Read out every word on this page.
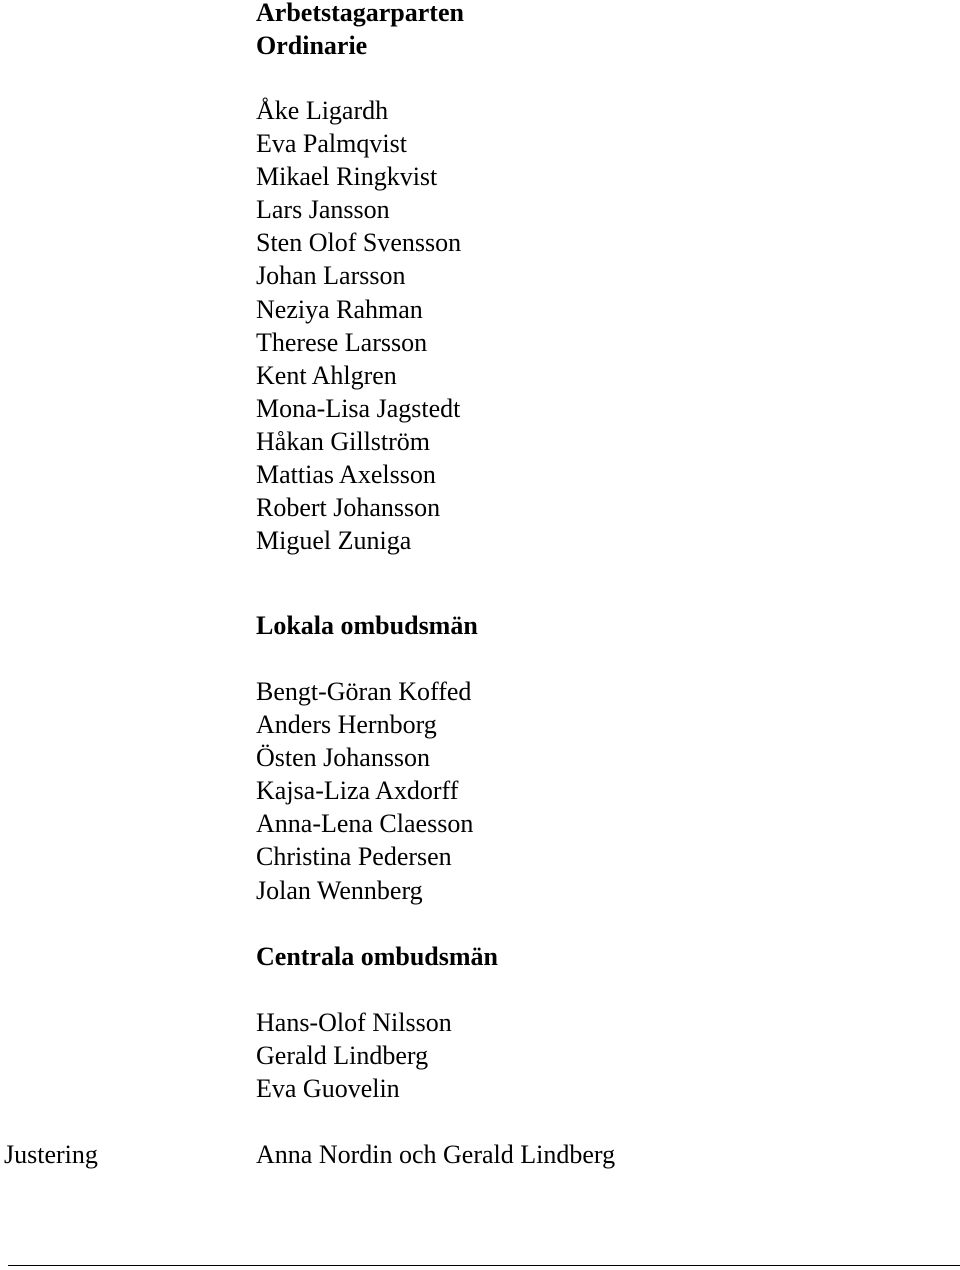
Arbetstagarparten
Ordinarie
Åke Ligardh
Eva Palmqvist
Mikael Ringkvist
Lars Jansson
Sten Olof Svensson
Johan Larsson
Neziya Rahman
Therese Larsson
Kent Ahlgren
Mona-Lisa Jagstedt
Håkan Gillström
Mattias Axelsson
Robert Johansson
Miguel Zuniga
Lokala ombudsmän
Bengt-Göran Koffed
Anders Hernborg
Östen Johansson
Kajsa-Liza Axdorff
Anna-Lena Claesson
Christina Pedersen
Jolan Wennberg
Centrala ombudsmän
Hans-Olof Nilsson
Gerald Lindberg
Eva Guovelin
Justering	Anna Nordin och Gerald Lindberg
